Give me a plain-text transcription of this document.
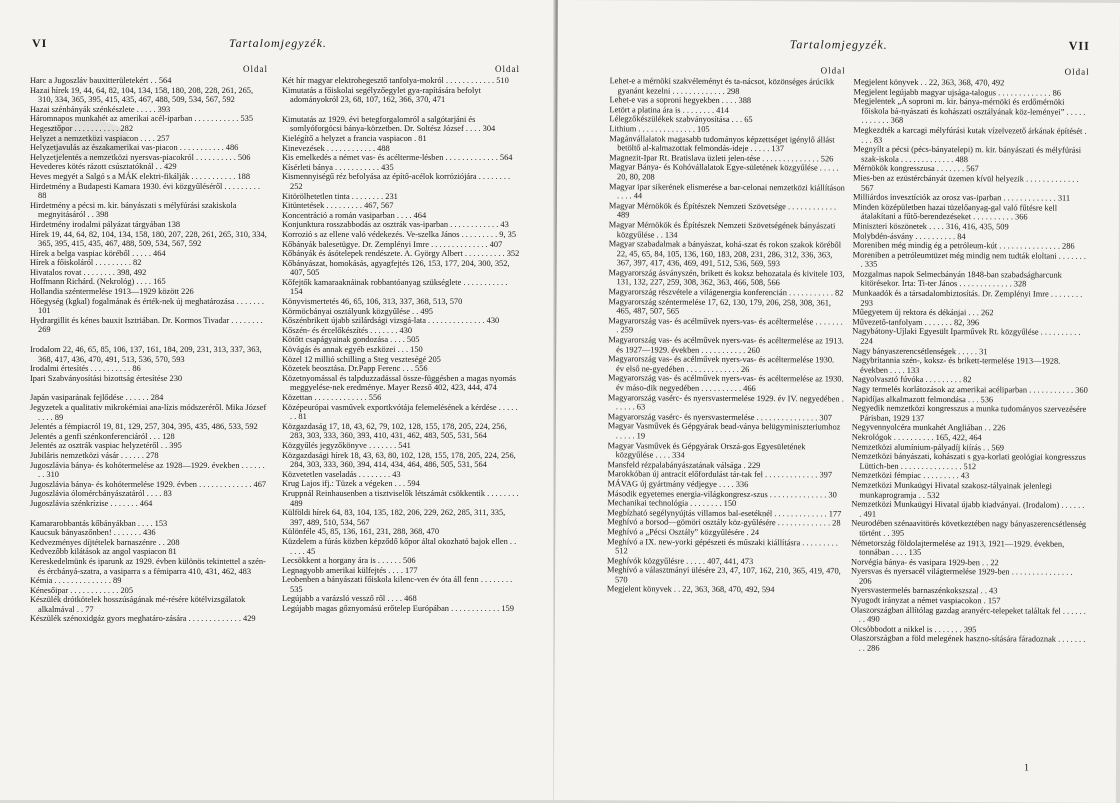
VI	Tartalomjegyzék.
Oldal

Harc a Jugoszláv bauxitterületekért . . 564

Hazai hírek 19, 44, 64, 82, 104, 134, 158, 180, 208, 228, 261, 265, 310, 334, 365, 395, 415, 435, 467, 488, 509, 534, 567, 592

Hazai szénbányák szénkészlete . . . . . 393

Háromnapos munkahét az amerikai acél-iparban . . . . . . . . . . . 535

Hegesztőpor . . . . . . . . . . . 282

Helyzet a nemzetközi vaspiacon . . . . 257

Helyzetjavulás az északamerikai vas-piacon . . . . . . . . . . . 486

Helyzetjelentés a nemzetközi nyersvas-piacokról . . . . . . . . . . 506

Hevederes kötés rázott csúsztatóknál . . 429

Heves megyét a Salgó s a MÁK elektri-fikálják . . . . . . . . . . . 188

Hirdetmény a Budapesti Kamara 1930. évi közgyűléséről . . . . . . . . . 88

Hirdetmény a pécsi m. kir. bányászati s mélyfúrási szakiskola megnyitásáról . . 398

Hirdetmény irodalmi pályázat tárgyában 138

Hírek 19, 44, 64, 82, 104, 134, 158, 180, 207, 228, 261, 265, 310, 334, 365, 395, 415, 435, 467, 488, 509, 534, 567, 592

Hírek a belga vaspiac köréből . . . . . 464

Hírek a főiskoláról . . . . . . . . . 82

Hivatalos rovat . . . . . . . . 398, 492

Hoffmann Richárd. (Nekrológ) . . . . 165

Hollandia széntermelése 1913—1929 között 226

Hőegység (kgkal) fogalmának és érték-nek új meghatározása . . . . . . . 101

Hydrargillit és kénes bauxit Isztriában. Dr. Kormos Tivadar . . . . . . . . 269

Irodalom 22, 46, 65, 85, 106, 137, 161, 184, 209, 231, 313, 337, 363, 368, 417, 436, 470, 491, 513, 536, 570, 593

Irodalmi értesítés . . . . . . . . . . 86

Ipari Szabványosítási bizottság értesítése 230

Japán vasiparának fejlődése . . . . . . 284

Jegyzetek a qualitativ mikrokémiai ana-lízis módszeréről. Mika József . . . . 89

Jelentés a fémpiacról 19, 81, 129, 257, 304, 395, 435, 486, 533, 592

Jelentés a genfi szénkonferenciáról . . . 128

Jelentés az osztrák vaspiac helyzetéről . . 395

Jubiláris nemzetközi vásár . . . . . . 278

Jugoszlávia bánya- és kohótermelése az 1928—1929. években . . . . . . . . 310

Jugoszlávia bánya- és kohótermelése 1929. évben . . . . . . . . . . . . . 467

Jugoszlávia ólomércbányászatáról . . . . 83

Jugoszlávia szénkrízise . . . . . . . 464

Kamararobbantás kőbányákban . . . . 153

Kaucsuk bányaszőnben! . . . . . . . 436

Kedvezményes díjtételek barnaszénre . . 208

Kedvezőbb kilátások az angol vaspiacon 81

Kereskedelmünk és iparunk az 1929. évben különös tekintettel a szén- és ércbányá-szatra, a vasiparra s a fémiparra 410, 431, 462, 483

Kémia . . . . . . . . . . . . . . 89

Kénesőipar . . . . . . . . . . . . 205

Készülék drótkötelek hosszúságának mé-résére kötélvizsgálatok alkalmával . . 77

Készülék szénoxidgáz gyors meghatáro-zására . . . . . . . . . . . . . 429

Oldal

Két hír magyar elektrohegesztő tanfolya-mokról . . . . . . . . . . . . 510

Kimutatás a főiskolai segélyzőegylet gya-rapítására befolyt adományokról 23, 68, 107, 162, 366, 370, 471

Kimutatás az 1929. évi betegforgalomról a salgótarjáni és somlyóforgócsi bánya-körzetben. Dr. Soltész József . . . . 304

Kielégítő a helyzet a francia vaspiacon . 81

Kinevezések . . . . . . . . . . . . 488

Kis emelkedés a német vas- és acélterme-lésben . . . . . . . . . . . . . 564

Kísérleti bánya . . . . . . . . . . . 435

Kismennyiségű réz befolyása az építő-acélok korróziójára . . . . . . . . 252

Kitörölhetetlen tinta . . . . . . . . 231

Kitüntetések . . . . . . . . . 467, 567

Koncentráció a román vasiparban . . . . 464

Konjunktura rosszabbodás az osztrák vas-iparban . . . . . . . . . . . . 43

Korrozió s az ellene való védekezés. Ve-szelka János . . . . . . . . . 9, 35

Kőbányák balesetügye. Dr. Zemplényi Imre . . . . . . . . . . . . . . 407

Kőbányák és ásótelepek rendészete. A. György Albert . . . . . . . . . . 352

Kőbányászat, homokásás, agyagfejtés 126, 153, 177, 204, 300, 352, 407, 505

Kőfejtők kamaraaknáinak robbantóanyag szükséglete . . . . . . . . . . . 154

Könyvismertetés 46, 65, 106, 313, 337, 368, 513, 570

Körmöcbányai osztályunk közgyűlése . . 495

Kőszénbrikett újabb szilárdsági vizsgá-lata . . . . . . . . . . . . . . 430

Kőszén- és ércelőkészítés . . . . . . . 430

Kötőtt csapágyainak gondozása . . . . 505

Kövágás és annak egyéb eszközei . . . 150

Közel 12 millió schilling a Steg veszteségé 205

Közetek beosztása. Dr.Papp Ferenc . . . 556

Közetnyomással és talpduzzadással össze-függésben a magas nyomás meggyelése-nek eredménye. Mayer Rezső 402, 423, 444, 474

Közettan . . . . . . . . . . . . . 556

Középeurópai vasművek exportkvótája felemelésének a kérdése . . . . . . . 81

Közgazdaság 17, 18, 43, 62, 79, 102, 128, 155, 178, 205, 224, 256, 283, 303, 333, 360, 393, 410, 431, 462, 483, 505, 531, 564

Közgyűlés jegyzőkönyve . . . . . . . 541

Közgazdasági hírek 18, 43, 63, 80, 102, 128, 155, 178, 205, 224, 256, 284, 303, 333, 360, 394, 414, 434, 464, 486, 505, 531, 564

Közvetetlen vaseladás . . . . . . . . 43

Krug Lajos ifj.: Tüzek a végeken . . . 594

Kruppnál Reinhausenben a tisztviselők létszámát csökkentik . . . . . . . . 489

Külföldi hírek 64, 83, 104, 135, 182, 206, 229, 262, 285, 311, 335, 397, 489, 510, 534, 567

Különféle 45, 85, 136, 161, 231, 288, 368, 470

Küzdelem a fúrás közben képződő kőpor által okozható bajok ellen . . . . . . 45

Lecsökkent a horgany ára is . . . . . . 506

Legnagyobb amerikai külfejtés . . . . 177

Leobenben a bányászati főiskola kilenc-ven év óta áll fenn . . . . . . . . 535

Legújabb a varázsló vessző ről . . . . 468

Legújabb magas gőznyomású erőtelep Európában . . . . . . . . . . . . 159

Tartalomjegyzék.	VII
Oldal

Lehet-e a mérnöki szakvéleményt és ta-nácsot, közönséges árúcikk gyanánt kezelni . . . . . . . . . . . . . 298

Lehet-e vas a soproni hegyekben . . . . 388

Letört a platina ára is . . . . . . . . 414

Lélegzőkészülékek szabványosítása . . . 65

Lithium . . . . . . . . . . . . . . 105

Magánvállalatok magasabb tudományos képzettséget igénylő állást betöltő al-kalmazottak felmondás-ideje . . . . . 137

Magnezit-Ipar Rt. Bratislava üzleti jelen-tése . . . . . . . . . . . . . . 526

Magyar Bánya- és Kohóvállalatok Egye-sületének közgyűlése . . . . . 20, 80, 208

Magyar ipar sikerének elismerése a bar-celonai nemzetközi kiállításon . . . . 44

Magyar Mérnökök és Építészek Nemzeti Szövetsége . . . . . . . . . . . . 489

Magyar Mérnökök és Építészek Nemzeti Szövetségének bányászati közgyűlése . . 134

Magyar szabadalmak a bányászat, kohá-szat és rokon szakok köréből 22, 45, 65, 84, 105, 136, 160, 183, 208, 231, 286, 312, 336, 363, 367, 397, 417, 436, 469, 491, 512, 536, 569, 593

Magyarország ásványszén, brikett és koksz behozatala és kivitele 103, 131, 132, 227, 259, 308, 362, 363, 466, 508, 566

Magyarország részvétele a világenergia konferencián . . . . . . . . . . . 82

Magyarország széntermelése 17, 62, 130, 179, 206, 258, 308, 361, 465, 487, 507, 565

Magyarország vas- és acélművek nyers-vas- és acéltermelése . . . . . . . . 259

Magyarország vas- és acélművek nyers-vas- és acéltermelése az 1913. és 1927—1929. években . . . . . . . . . . . 260

Magyarország vas- és acélművek nyers-vas- és acéltermelése 1930. év első ne-gyedében . . . . . . . . . . . . . 26

Magyarország vas- és acélművek nyers-vas- és acéltermelése az 1930. év máso-dik negyedében . . . . . . . . . . 466

Magyarország vasérc- és nyersvastermelése 1929. év IV. negyedében . . . . . . 63

Magyarország vasérc- és nyersvastermelése . . . . . . . . . . . . . . . 307

Magyar Vasművek és Gépgyárak bead-ványa belügyminiszteriumhoz . . . . . 19

Magyar Vasművek és Gépgyárak Orszá-gos Egyesületének közgyűlése . . . . 334

Mansfeld rézpalabányászatának válsága . 229

Marokkóban új antracit előfordulást tár-tak fel . . . . . . . . . . . . . 397

MÁVAG új gyártmány védjegye . . . . 336

Második egyetemes energia-világkongresz-szus . . . . . . . . . . . . . . 30

Mechanikai technológia . . . . . . . . 150

Megbízható segélynyújtás villamos bal-esetéknél . . . . . . . . . . . . . 177

Meghívó a borsod—gömöri osztály köz-gyűlésére . . . . . . . . . . . . . 28

Meghívó a „Pécsi Osztály” közgyűlésére . 24

Meghívó a IX. new-yorki gépészeti és műszaki kiállításra . . . . . . . . . 512

Meghívók közgyűlésre . . . . . 407, 441, 473

Meghívó a választmányi ülésére 23, 47, 107, 162, 210, 365, 419, 470, 570

Megjelent könyvek . . 22, 363, 368, 470, 492, 594

Oldal

Megjelent könyvek . . 22, 363, 368, 470, 492

Megjelent legújabb magyar ujsága-talogus . . . . . . . . . . . . . 86

Megjelentek „A soproni m. kir. bánya-mérnöki és erdőmérnöki főiskola bá-nyászati és kohászati osztályának köz-leményei” . . . . . . . . . . . . 368

Megkezdték a karcagi mélyfúrási kutak vízelvezető árkának építését . . . . 83

Megnyílt a pécsi (pécs-bányatelepi) m. kir. bányászati és mélyfúrási szak-iskola . . . . . . . . . . . . . 488

Mérnökök kongresszusa . . . . . . . 567

Mies-ben az ezüstércbányát üzemen kívül helyezik . . . . . . . . . . . . . 567

Milliárdos invesztíciók az orosz vas-iparban . . . . . . . . . . . . . 311

Minden középületben hazai tüzelőanyag-gal való fűtésre kell átalakítani a fűtő-berendezéseket . . . . . . . . . . 366

Miniszteri köszönetek . . . . 316, 416, 435, 509

Molybdén-ásvány . . . . . . . . . . 84

Moreniben még mindig ég a petróleum-kút . . . . . . . . . . . . . . . 286

Moreniben a petróleumtüzet még mindig nem tudták eloltani . . . . . . . . 335

Mozgalmas napok Selmecbányán 1848-ban szabadságharcunk kitörésekor. Irta: Ti-ter János . . . . . . . . . . . . . 328

Munkaadók és a társadalombiztosítás. Dr. Zemplényi Imre . . . . . . . . 293

Műegyetem új rektora és dékánjai . . . 262

Művezető-tanfolyam . . . . . . . 82, 396

Nagybátony-Ujlaki Egyesült Iparművek Rt. közgyűlése . . . . . . . . . . 224

Nagy bányaszerencsétlenségek . . . . . 31

Nagybritannia szén-, koksz- és brikett-termelése 1913—1928. években . . . . 133

Nagyolvasztó fúvóka . . . . . . . . . 82

Nagy termelés korlátozások az amerikai acéliparban . . . . . . . . . . . 360

Napidíjas alkalmazott felmondása . . . 536

Negyedik nemzetközi kongresszus a munka tudományos szervezésére Párisban, 1929 137

Negyvennyolcéra munkahét Angliában . . 226

Nekrológok . . . . . . . . . . 165, 422, 464

Nemzetközi alumínium-pályadíj kiírás . . 569

Nemzetközi bányászati, kohászati s gya-korlati geológiai kongresszus Lüttich-ben . . . . . . . . . . . . . . . 512

Nemzetközi fémpiac . . . . . . . . . 43

Nemzetközi Munkaügyi Hivatal szakosz-tályainak jelenlegi munkaprogramja . . 532

Nemzetközi Munkaügyi Hivatal újabb kiadványai. (Irodalom) . . . . . . . 491

Neurodében szénaavitörés következtében nagy bányaszerencsétlenség történt . . 395

Németország földolajtermelése az 1913, 1921—1929. években, tonnában . . . . 135

Norvégia bánya- és vasipara 1929-ben . . 22

Nyersvas és nyersacél világtermelése 1929-ben . . . . . . . . . . . . . . . 206

Nyersvastermelés barnaszénkokszszal . . 43

Nyugodt irányzat a német vaspiacokon . 157

Olaszországban állítólag gazdag aranyérc-telepeket találtak fel . . . . . . . . 490

Olcsóbbodott a nikkel is . . . . . . . 395

Olaszországban a föld melegének haszno-sítására fáradoznak . . . . . . . . . 286

1
